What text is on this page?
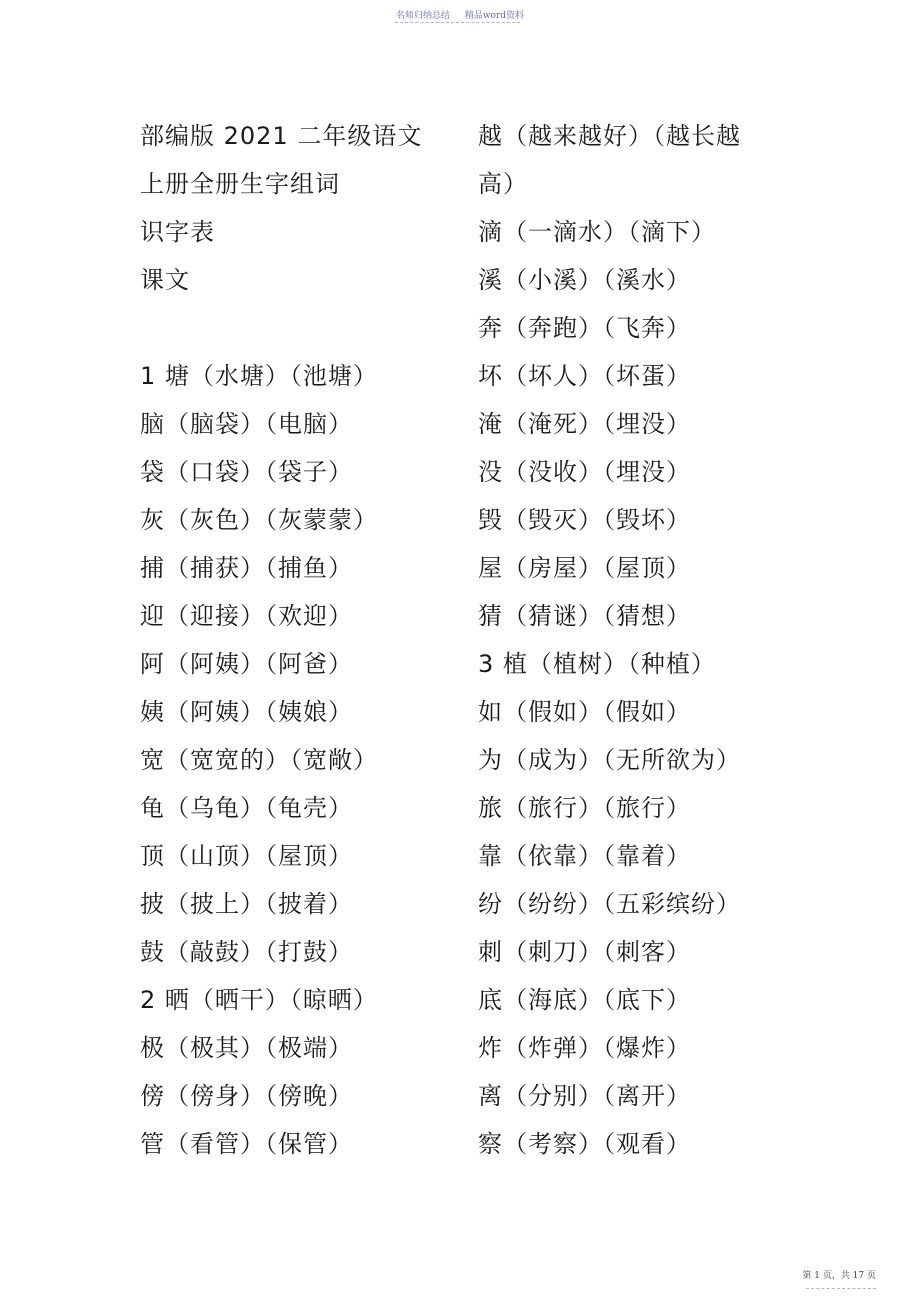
名师归纳总结 精品word资料
部编版 2021 二年级语文
上册全册生字组词
识字表
课文
1 塘（水塘）（池塘）
脑（脑袋）（电脑）
袋（口袋）（袋子）
灰（灰色）（灰蒙蒙）
捕（捕获）（捕鱼）
迎（迎接）（欢迎）
阿（阿姨）（阿爸）
姨（阿姨）（姨娘）
宽（宽宽的）（宽敞）
龟（乌龟）（龟壳）
顶（山顶）（屋顶）
披（披上）（披着）
鼓（敲鼓）（打鼓）
2 晒（晒干）（晾晒）
极（极其）（极端）
傍（傍身）（傍晚）
管（看管）（保管）
越（越来越好）（越长越
高）
滴（一滴水）（滴下）
溪（小溪）（溪水）
奔（奔跑）（飞奔）
坏（坏人）（坏蛋）
淹（淹死）（埋没）
没（没收）（埋没）
毁（毁灭）（毁坏）
屋（房屋）（屋顶）
猜（猜谜）（猜想）
3 植（植树）（种植）
如（假如）（假如）
为（成为）（无所欲为）
旅（旅行）（旅行）
靠（依靠）（靠着）
纷（纷纷）（五彩缤纷）
刺（刺刀）（刺客）
底（海底）（底下）
炸（炸弹）（爆炸）
离（分别）（离开）
察（考察）（观看）
第 1 页，共 17 页
